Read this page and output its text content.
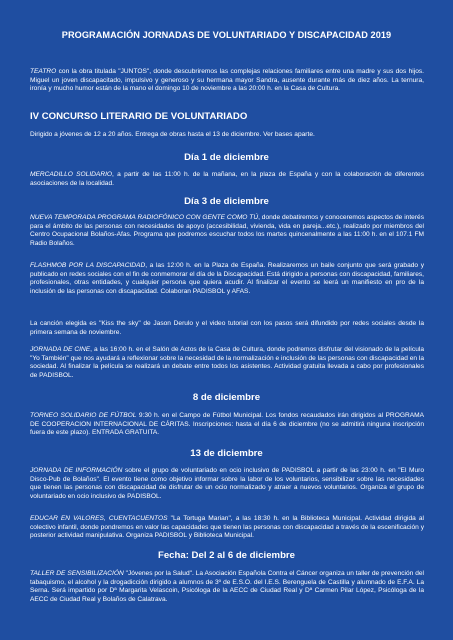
PROGRAMACIÓN JORNADAS DE VOLUNTARIADO Y DISCAPACIDAD 2019

TEATRO con la obra titulada "JUNTOS", donde descubriremos las complejas relaciones familiares entre una madre y sus dos hijos. Miguel un joven discapacitado, impulsivo y generoso y su hermana mayor Sandra, ausente durante más de diez años. La ternura, ironía y mucho humor están de la mano el domingo 10 de noviembre a las 20:00 h. en la Casa de Cultura.

IV CONCURSO LITERARIO DE VOLUNTARIADO

Dirigido a jóvenes de 12 a 20 años. Entrega de obras hasta el 13 de diciembre. Ver bases aparte.

Día 1 de diciembre

MERCADILLO SOLIDARIO, a partir de las 11:00 h. de la mañana, en la plaza de España y con la colaboración de diferentes asociaciones de la localidad.

Día 3 de diciembre

NUEVA TEMPORADA PROGRAMA RADIOFÓNICO CON GENTE COMO TÚ, donde debatiremos y conoceremos aspectos de interés para el ámbito de las personas con necesidades de apoyo (accesibilidad, vivienda, vida en pareja...etc.), realizado por miembros del Centro Ocupacional Bolaños-Afas. Programa que podremos escuchar todos los martes quincenalmente a las 11:00 h. en el 107.1 FM Radio Bolaños.

FLASHMOB POR LA DISCAPACIDAD, a las 12:00 h. en la Plaza de España. Realizaremos un baile conjunto que será grabado y publicado en redes sociales con el fin de conmemorar el día de la Discapacidad. Está dirigido a personas con discapacidad, familiares, profesionales, otras entidades, y cualquier persona que quiera acudir. Al finalizar el evento se leerá un manifiesto en pro de la inclusión de las personas con discapacidad. Colaboran PADISBOL y AFAS.

La canción elegida es "Kiss the sky" de Jason Derulo y el video tutorial con los pasos será difundido por redes sociales desde la primera semana de noviembre.

JORNADA DE CINE, a las 16:00 h. en el Salón de Actos de la Casa de Cultura, donde podremos disfrutar del visionado de la película "Yo También" que nos ayudará a reflexionar sobre la necesidad de la normalización e inclusión de las personas con discapacidad en la sociedad. Al finalizar la película se realizará un debate entre todos los asistentes. Actividad gratuita llevada a cabo por profesionales de PADISBOL.

8 de diciembre

TORNEO SOLIDARIO DE FÚTBOL 9:30 h. en el Campo de Fútbol Municipal. Los fondos recaudados irán dirigidos al PROGRAMA DE COOPERACION INTERNACIONAL DE CÁRITAS. Inscripciones: hasta el día 6 de diciembre (no se admitirá ninguna inscripción fuera de este plazo). ENTRADA GRATUITA.

13 de diciembre

JORNADA DE INFORMACIÓN sobre el grupo de voluntariado en ocio inclusivo de PADISBOL a partir de las 23:00 h. en "El Muro Disco-Pub de Bolaños". El evento tiene como objetivo informar sobre la labor de los voluntarios, sensibilizar sobre las necesidades que tienen las personas con discapacidad de disfrutar de un ocio normalizado y atraer a nuevos voluntarios. Organiza el grupo de voluntariado en ocio inclusivo de PADISBOL.

EDUCAR EN VALORES, CUENTACUENTOS "La Tortuga Marian", a las 18:30 h. en la Biblioteca Municipal. Actividad dirigida al colectivo infantil, donde pondremos en valor las capacidades que tienen las personas con discapacidad a través de la escenificación y posterior actividad manipulativa. Organiza PADISBOL y Biblioteca Municipal.

Fecha: Del 2 al 6 de diciembre

TALLER DE SENSIBILIZACIÓN "Jóvenes por la Salud". La Asociación Española Contra el Cáncer organiza un taller de prevención del tabaquismo, el alcohol y la drogadicción dirigido a alumnos de 3º de E.S.O. del I.E.S. Berenguela de Castilla y alumnado de E.F.A. La Serna. Será impartido por Dª Margarita Velascoin, Psicóloga de la AECC de Ciudad Real y Dª Carmen Pilar López, Psicóloga de la AECC de Ciudad Real y Bolaños de Calatrava.
